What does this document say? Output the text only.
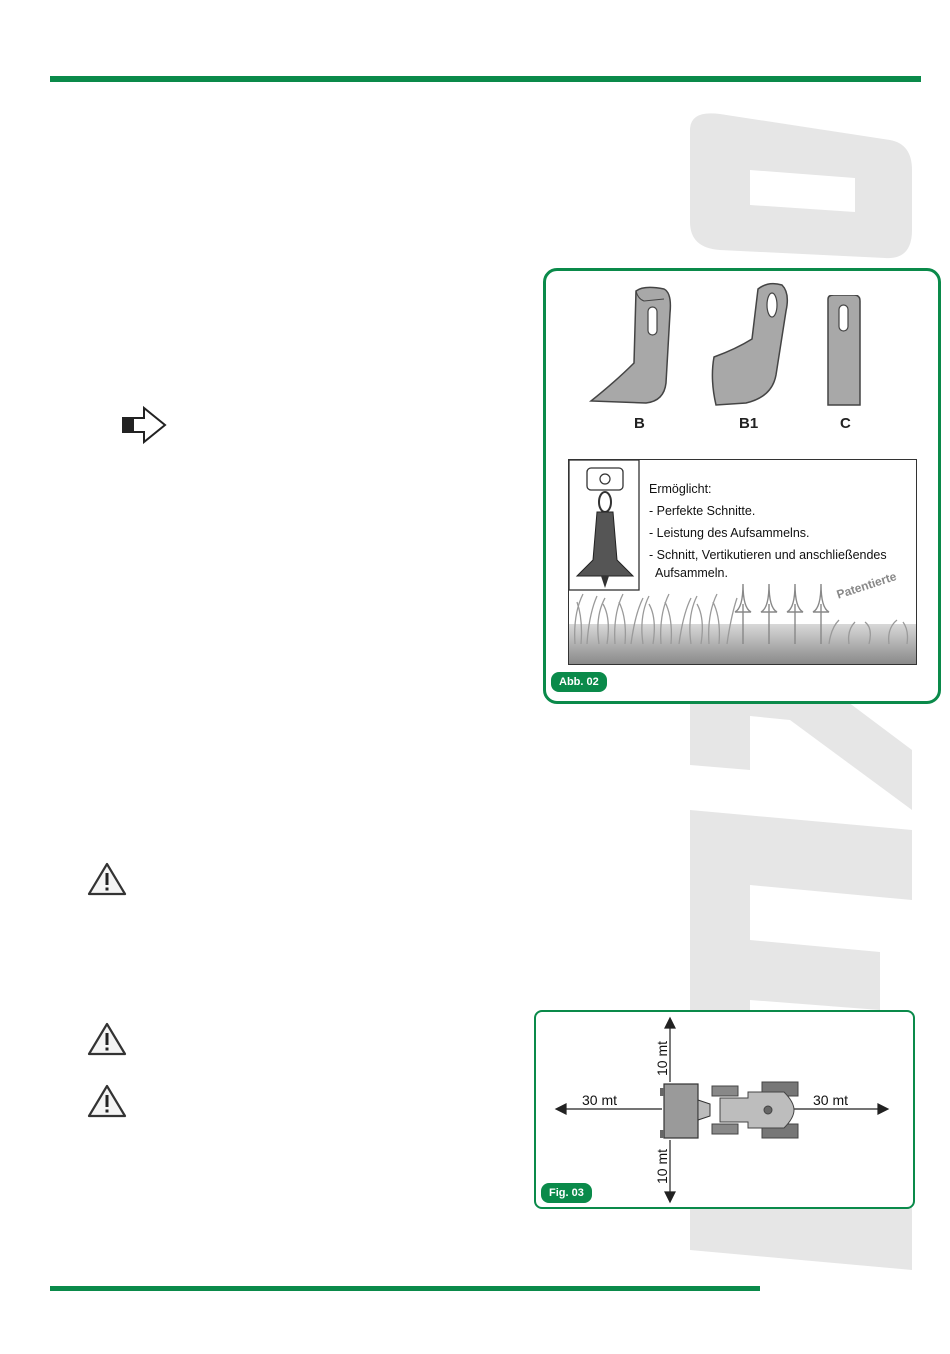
B	B1	C
Ermöglicht:
- Perfekte Schnitte.
- Leistung des Aufsammelns.
- Schnitt, Vertikutieren und anschließendes
Aufsammeln.	Patentierte
Abb. 02
30 mt	30 mt
10 mt
10 mt
Fig. 03
